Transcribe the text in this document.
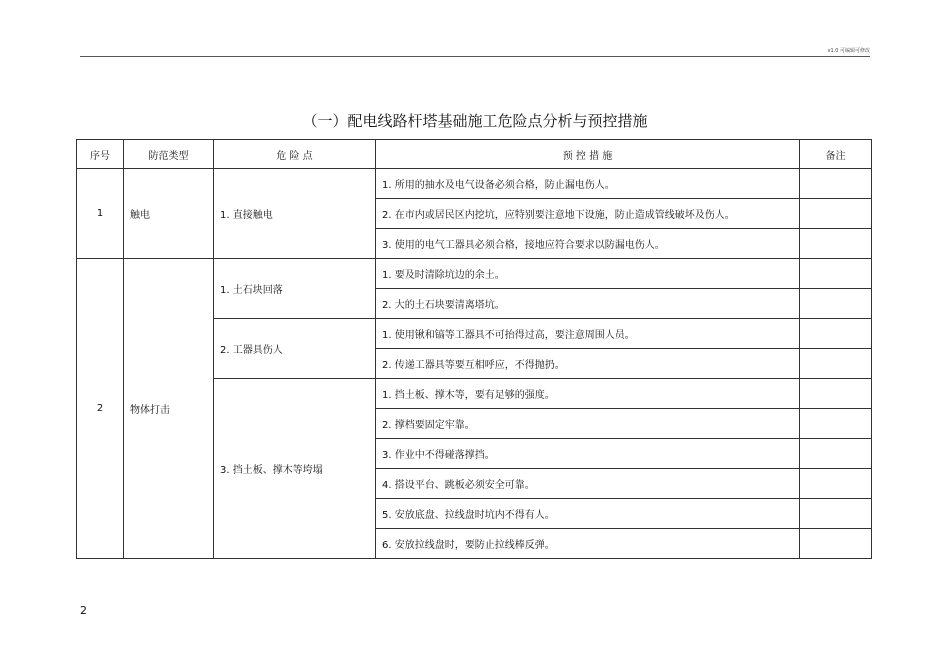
v1.0 可编辑可修改
（一）配电线路杆塔基础施工危险点分析与预控措施
序号	防范类型	危 险 点	预 控 措 施	备注
1	触电	1. 直接触电	1. 所用的抽水及电气设备必须合格，防止漏电伤人。	
			2. 在市内或居民区内挖坑，应特别要注意地下设施，防止造成管线破坏及伤人。	
			3. 使用的电气工器具必须合格，接地应符合要求以防漏电伤人。	
2	物体打击	1. 土石块回落	1. 要及时清除坑边的余土。	
			2. 大的土石块要清离塔坑。	
		2. 工器具伤人	1. 使用锹和镐等工器具不可抬得过高，要注意周围人员。	
			2. 传递工器具等要互相呼应，不得抛扔。	
		3. 挡土板、撑木等垮塌	1. 挡土板、撑木等，要有足够的强度。	
			2. 撑档要固定牢靠。	
			3. 作业中不得碰落撑挡。	
			4. 搭设平台、跳板必须安全可靠。	
			5. 安放底盘、拉线盘时坑内不得有人。	
			6. 安放拉线盘时，要防止拉线棒反弹。	
2
